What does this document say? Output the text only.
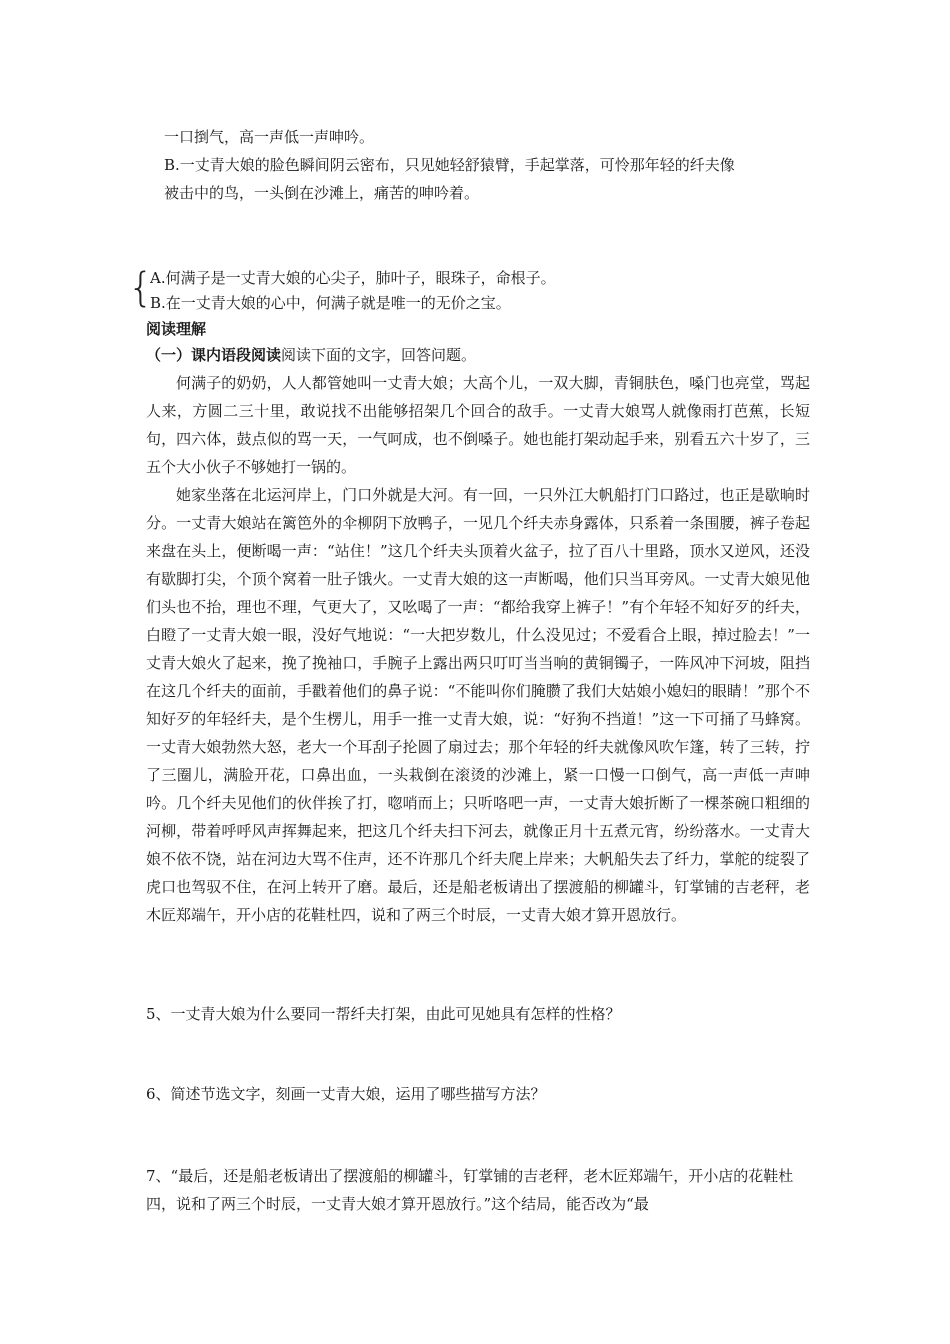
一口捯气，高一声低一声呻吟。
B.一丈青大娘的脸色瞬间阴云密布，只见她轻舒猿臂，手起掌落，可怜那年轻的纤夫像
被击中的鸟，一头倒在沙滩上，痛苦的呻吟着。
{
A.何满子是一丈青大娘的心尖子，肺叶子，眼珠子，命根子。
B.在一丈青大娘的心中，何满子就是唯一的无价之宝。
阅读理解
（一）课内语段阅读阅读下面的文字，回答问题。
何满子的奶奶，人人都管她叫一丈青大娘；大高个儿，一双大脚，青铜肤色，嗓门也亮堂，骂起人来，方圆二三十里，敢说找不出能够招架几个回合的敌手。一丈青大娘骂人就像雨打芭蕉，长短句，四六体，鼓点似的骂一天，一气呵成，也不倒嗓子。她也能打架动起手来，别看五六十岁了，三五个大小伙子不够她打一锅的。
她家坐落在北运河岸上，门口外就是大河。有一回，一只外江大帆船打门口路过，也正是歇晌时分。一丈青大娘站在篱笆外的伞柳阴下放鸭子，一见几个纤夫赤身露体，只系着一条围腰，裤子卷起来盘在头上，便断喝一声：“站住！”这几个纤夫头顶着火盆子，拉了百八十里路，顶水又逆风，还没有歇脚打尖，个顶个窝着一肚子饿火。一丈青大娘的这一声断喝，他们只当耳旁风。一丈青大娘见他们头也不抬，理也不理，气更大了，又吆喝了一声：“都给我穿上裤子！”有个年轻不知好歹的纤夫，白瞪了一丈青大娘一眼，没好气地说：“一大把岁数儿，什么没见过；不爱看合上眼，掉过脸去！”一丈青大娘火了起来，挽了挽袖口，手腕子上露出两只叮叮当当响的黄铜镯子，一阵风冲下河坡，阻挡在这几个纤夫的面前，手戳着他们的鼻子说：“不能叫你们腌臜了我们大姑娘小媳妇的眼睛！”那个不知好歹的年轻纤夫，是个生楞儿，用手一推一丈青大娘，说：“好狗不挡道！”这一下可捅了马蜂窝。一丈青大娘勃然大怒，老大一个耳刮子抡圆了扇过去；那个年轻的纤夫就像风吹乍篷，转了三转，拧了三圈儿，满脸开花，口鼻出血，一头栽倒在滚烫的沙滩上，紧一口慢一口倒气，高一声低一声呻吟。几个纤夫见他们的伙伴挨了打，唿哨而上；只听咯吧一声，一丈青大娘折断了一棵茶碗口粗细的河柳，带着呼呼风声挥舞起来，把这几个纤夫扫下河去，就像正月十五煮元宵，纷纷落水。一丈青大娘不依不饶，站在河边大骂不住声，还不许那几个纤夫爬上岸来；大帆船失去了纤力，掌舵的绽裂了虎口也驾驭不住，在河上转开了磨。最后，还是船老板请出了摆渡船的柳罐斗，钉掌铺的吉老秤，老木匠郑端午，开小店的花鞋杜四，说和了两三个时辰，一丈青大娘才算开恩放行。
5、一丈青大娘为什么要同一帮纤夫打架，由此可见她具有怎样的性格？
6、简述节选文字，刻画一丈青大娘，运用了哪些描写方法？
7、“最后，还是船老板请出了摆渡船的柳罐斗，钉掌铺的吉老秤，老木匠郑端午，开小店的花鞋杜四，说和了两三个时辰，一丈青大娘才算开恩放行。”这个结局，能否改为“最
